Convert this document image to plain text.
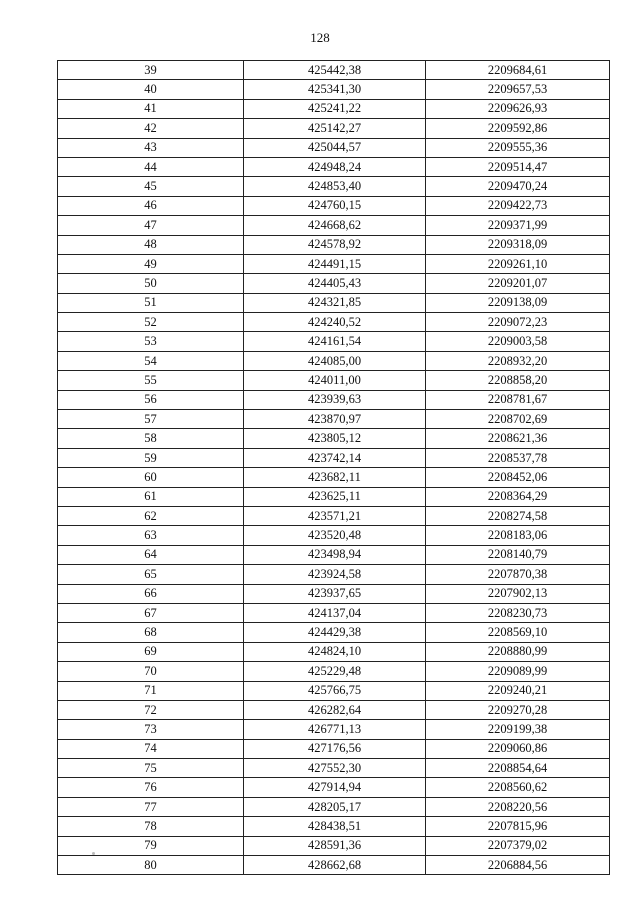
128
39	425442,38	2209684,61
40	425341,30	2209657,53
41	425241,22	2209626,93
42	425142,27	2209592,86
43	425044,57	2209555,36
44	424948,24	2209514,47
45	424853,40	2209470,24
46	424760,15	2209422,73
47	424668,62	2209371,99
48	424578,92	2209318,09
49	424491,15	2209261,10
50	424405,43	2209201,07
51	424321,85	2209138,09
52	424240,52	2209072,23
53	424161,54	2209003,58
54	424085,00	2208932,20
55	424011,00	2208858,20
56	423939,63	2208781,67
57	423870,97	2208702,69
58	423805,12	2208621,36
59	423742,14	2208537,78
60	423682,11	2208452,06
61	423625,11	2208364,29
62	423571,21	2208274,58
63	423520,48	2208183,06
64	423498,94	2208140,79
65	423924,58	2207870,38
66	423937,65	2207902,13
67	424137,04	2208230,73
68	424429,38	2208569,10
69	424824,10	2208880,99
70	425229,48	2209089,99
71	425766,75	2209240,21
72	426282,64	2209270,28
73	426771,13	2209199,38
74	427176,56	2209060,86
75	427552,30	2208854,64
76	427914,94	2208560,62
77	428205,17	2208220,56
78	428438,51	2207815,96
79	428591,36	2207379,02
80	428662,68	2206884,56
